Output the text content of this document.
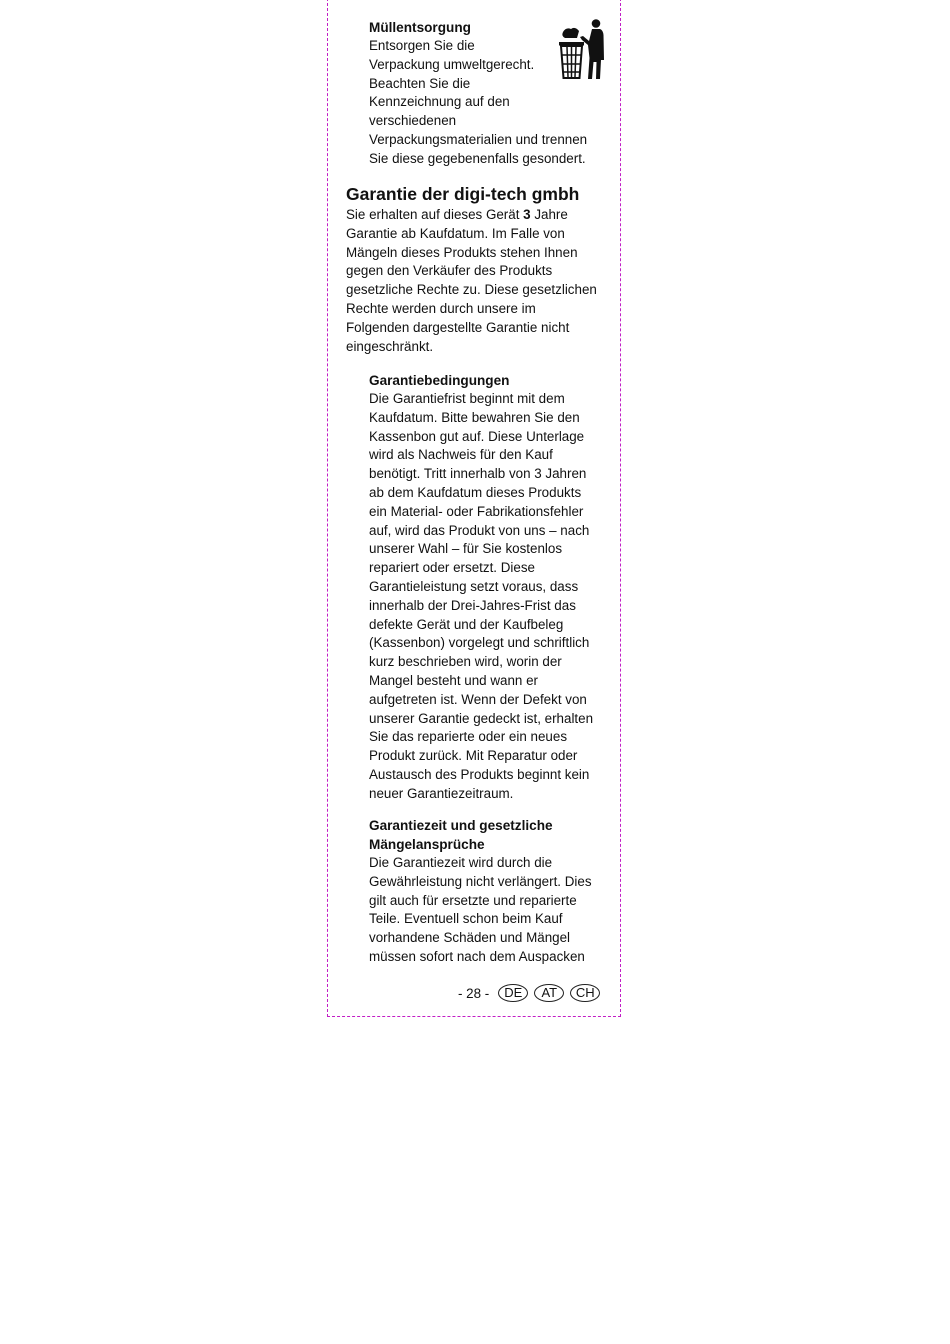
Müllentsorgung
Entsorgen Sie die
Verpackung umweltgerecht.
Beachten Sie die
Kennzeichnung auf den
verschiedenen
Verpackungsmaterialien und trennen
Sie diese gegebenenfalls gesondert.
Garantie der digi-tech gmbh
Sie erhalten auf dieses Gerät 3 Jahre
Garantie ab Kaufdatum. Im Falle von
Mängeln dieses Produkts stehen Ihnen
gegen den Verkäufer des Produkts
gesetzliche Rechte zu. Diese gesetzlichen
Rechte werden durch unsere im
Folgenden dargestellte Garantie nicht
eingeschränkt.
Garantiebedingungen
Die Garantiefrist beginnt mit dem
Kaufdatum. Bitte bewahren Sie den
Kassenbon gut auf. Diese Unterlage
wird als Nachweis für den Kauf
benötigt. Tritt innerhalb von 3 Jahren
ab dem Kaufdatum dieses Produkts
ein Material- oder Fabrikationsfehler
auf, wird das Produkt von uns – nach
unserer Wahl – für Sie kostenlos
repariert oder ersetzt. Diese
Garantieleistung setzt voraus, dass
innerhalb der Drei-Jahres-Frist das
defekte Gerät und der Kaufbeleg
(Kassenbon) vorgelegt und schriftlich
kurz beschrieben wird, worin der
Mangel besteht und wann er
aufgetreten ist. Wenn der Defekt von
unserer Garantie gedeckt ist, erhalten
Sie das reparierte oder ein neues
Produkt zurück. Mit Reparatur oder
Austausch des Produkts beginnt kein
neuer Garantiezeitraum.
Garantiezeit und gesetzliche
Mängelansprüche
Die Garantiezeit wird durch die
Gewährleistung nicht verlängert. Dies
gilt auch für ersetzte und reparierte
Teile. Eventuell schon beim Kauf
vorhandene Schäden und Mängel
müssen sofort nach dem Auspacken
- 28 -	DE	AT	CH
